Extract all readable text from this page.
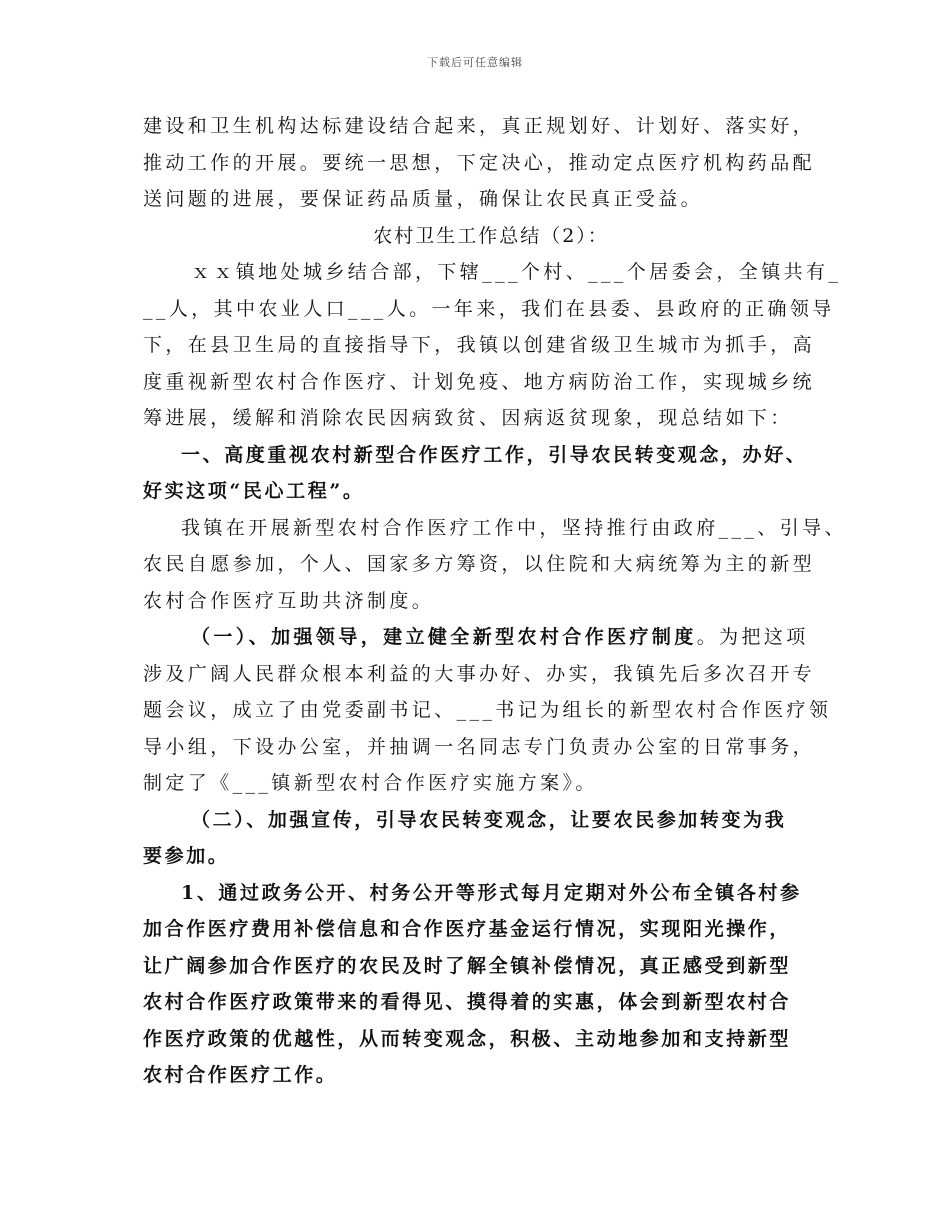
下载后可任意编辑
建设和卫生机构达标建设结合起来，真正规划好、计划好、落实好，
推动工作的开展。要统一思想，下定决心，推动定点医疗机构药品配
送问题的进展，要保证药品质量，确保让农民真正受益。
农村卫生工作总结（2）：
ｘｘ镇地处城乡结合部，下辖___个村、___个居委会，全镇共有_
__人，其中农业人口___人。一年来，我们在县委、县政府的正确领导
下，在县卫生局的直接指导下，我镇以创建省级卫生城市为抓手，高
度重视新型农村合作医疗、计划免疫、地方病防治工作，实现城乡统
筹进展，缓解和消除农民因病致贫、因病返贫现象，现总结如下：
一、高度重视农村新型合作医疗工作，引导农民转变观念，办好、
好实这项“民心工程”。
我镇在开展新型农村合作医疗工作中，坚持推行由政府___、引导、
农民自愿参加，个人、国家多方筹资，以住院和大病统筹为主的新型
农村合作医疗互助共济制度。
（一）、加强领导，建立健全新型农村合作医疗制度。为把这项
涉及广阔人民群众根本利益的大事办好、办实，我镇先后多次召开专
题会议，成立了由党委副书记、___书记为组长的新型农村合作医疗领
导小组，下设办公室，并抽调一名同志专门负责办公室的日常事务，
制定了《___镇新型农村合作医疗实施方案》。
（二）、加强宣传，引导农民转变观念，让要农民参加转变为我
要参加。
1、通过政务公开、村务公开等形式每月定期对外公布全镇各村参
加合作医疗费用补偿信息和合作医疗基金运行情况，实现阳光操作，
让广阔参加合作医疗的农民及时了解全镇补偿情况，真正感受到新型
农村合作医疗政策带来的看得见、摸得着的实惠，体会到新型农村合
作医疗政策的优越性，从而转变观念，积极、主动地参加和支持新型
农村合作医疗工作。
